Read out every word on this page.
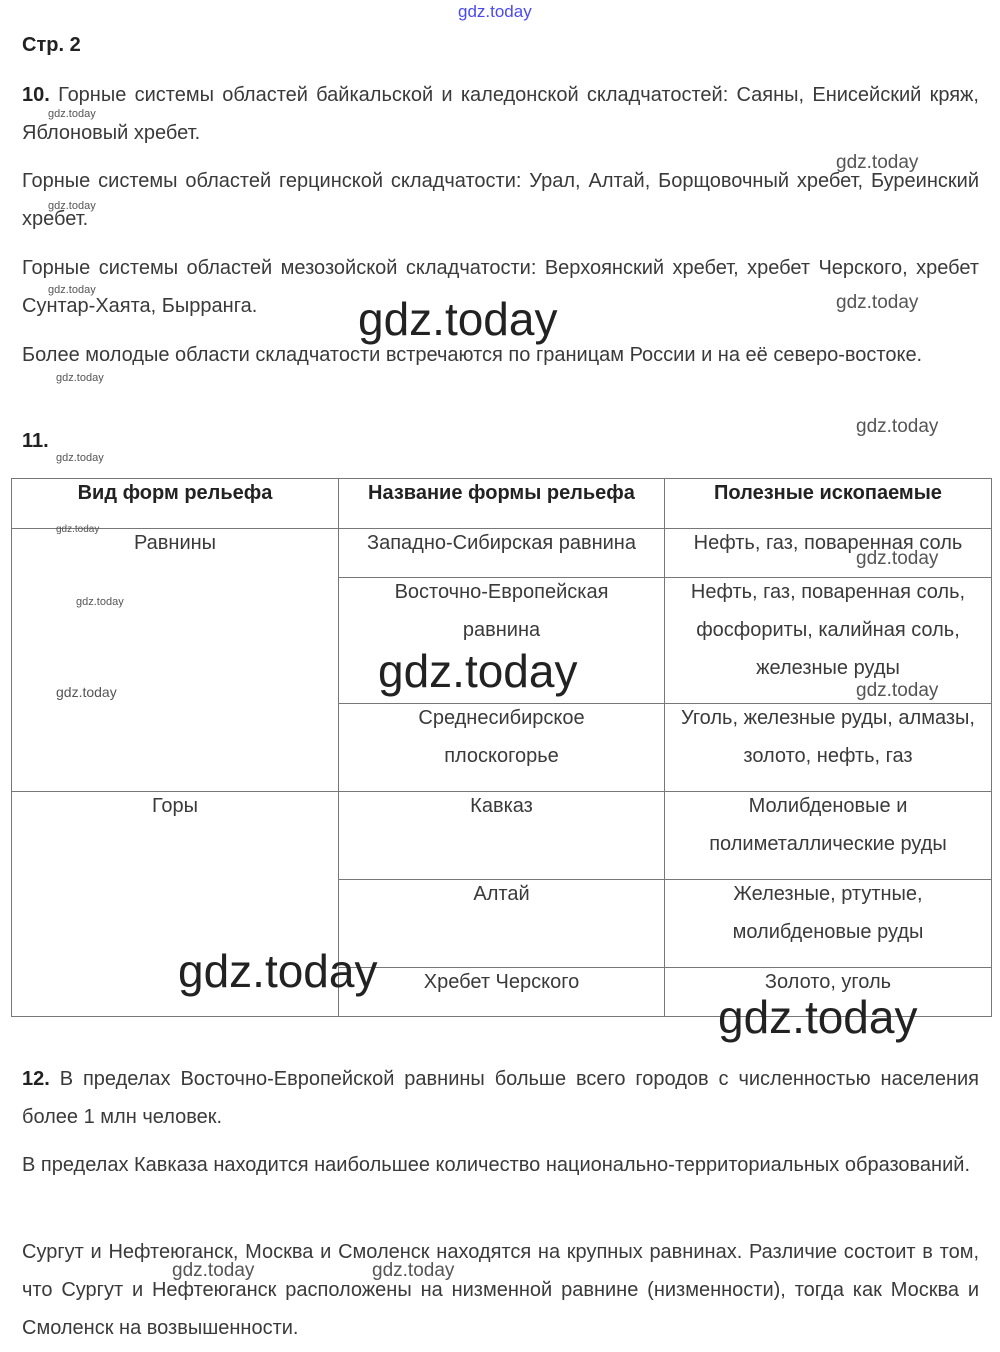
Стр. 2
10. Горные системы областей байкальской и каледонской складчатостей: Саяны, Енисейский кряж, Яблоновый хребет.
Горные системы областей герцинской складчатости: Урал, Алтай, Борщовочный хребет, Буреинский хребет.
Горные системы областей мезозойской складчатости: Верхоянский хребет, хребет Черского, хребет Сунтар-Хаята, Бырранга.
Более молодые области складчатости встречаются по границам России и на её северо-востоке.
11.
Вид форм рельефа	Название формы рельефа	Полезные ископаемые

Равнины	Западно-Сибирская равнина	Нефть, газ, поваренная соль

	Восточно-Европейская равнина	Нефть, газ, поваренная соль, фосфориты, калийная соль, железные руды

	Среднесибирское плоскогорье	Уголь, железные руды, алмазы, золото, нефть, газ

Горы	Кавказ	Молибденовые и полиметаллические руды

	Алтай	Железные, ртутные, молибденовые руды

	Хребет Черского	Золото, уголь
12. В пределах Восточно-Европейской равнины больше всего городов с численностью населения более 1 млн человек.
В пределах Кавказа находится наибольшее количество национально-территориальных образований.
Сургут и Нефтеюганск, Москва и Смоленск находятся на крупных равнинах. Различие состоит в том, что Сургут и Нефтеюганск расположены на низменной равнине (низменности), тогда как Москва и Смоленск на возвышенности.
gdz.today
gdz.today
gdz.today
gdz.today
gdz.today
gdz.today	gdz.today
gdz.today
gdz.today
gdz.today
gdz.today
gdz.today
gdz.today
gdz.today
gdz.today	gdz.today
gdz.today
gdz.today
gdz.today	gdz.today
